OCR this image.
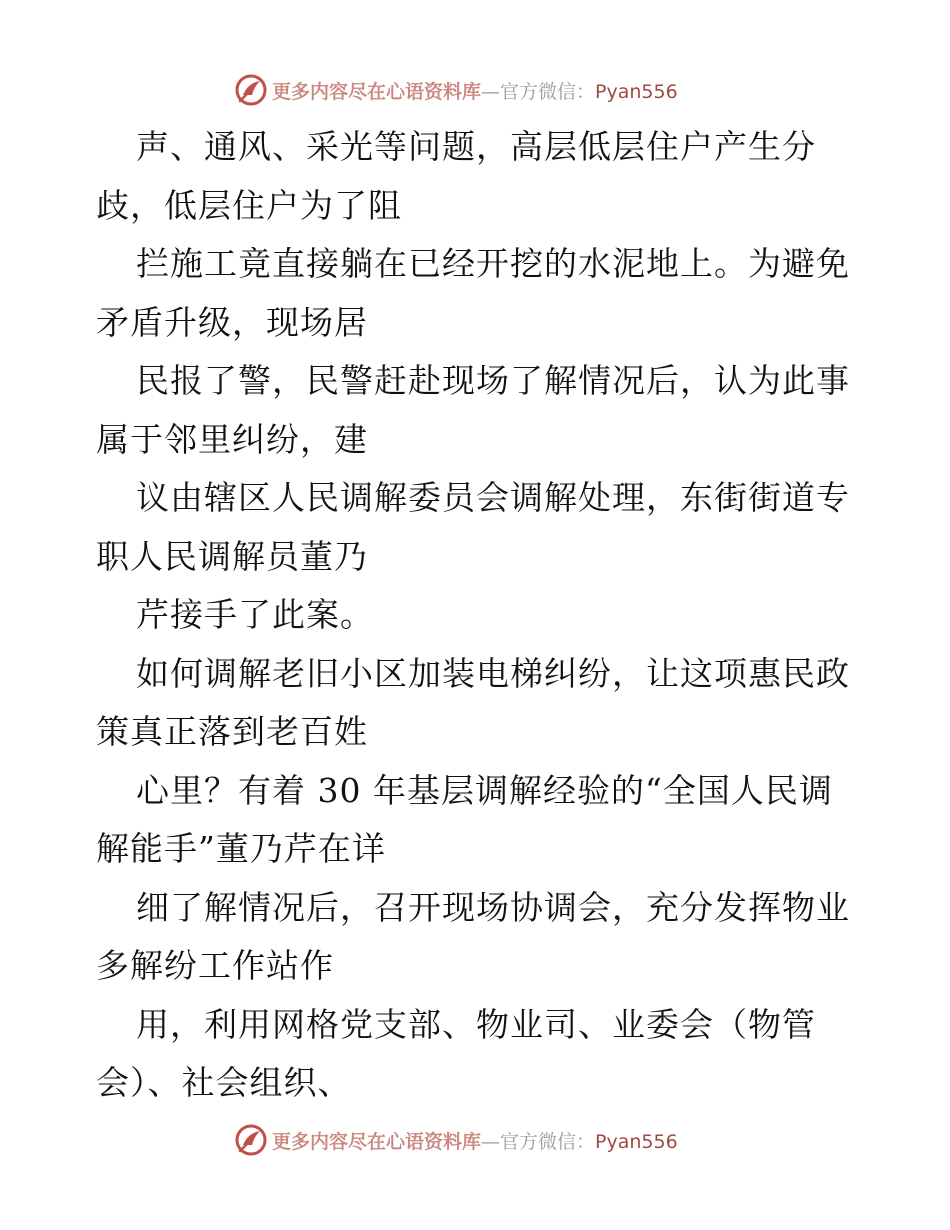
更多内容尽在心语资料库—官方微信：Pyan556
声、通风、采光等问题，高层低层住户产生分
歧，低层住户为了阻
拦施工竟直接躺在已经开挖的水泥地上。为避免
矛盾升级，现场居
民报了警，民警赶赴现场了解情况后，认为此事
属于邻里纠纷，建
议由辖区人民调解委员会调解处理，东街街道专
职人民调解员董乃
芹接手了此案。
如何调解老旧小区加装电梯纠纷，让这项惠民政
策真正落到老百姓
心里？有着 30 年基层调解经验的“全国人民调
解能手”董乃芹在详
细了解情况后，召开现场协调会，充分发挥物业
多解纷工作站作
用，利用网格党支部、物业司、业委会（物管
会）、社会组织、
更多内容尽在心语资料库—官方微信：Pyan556
